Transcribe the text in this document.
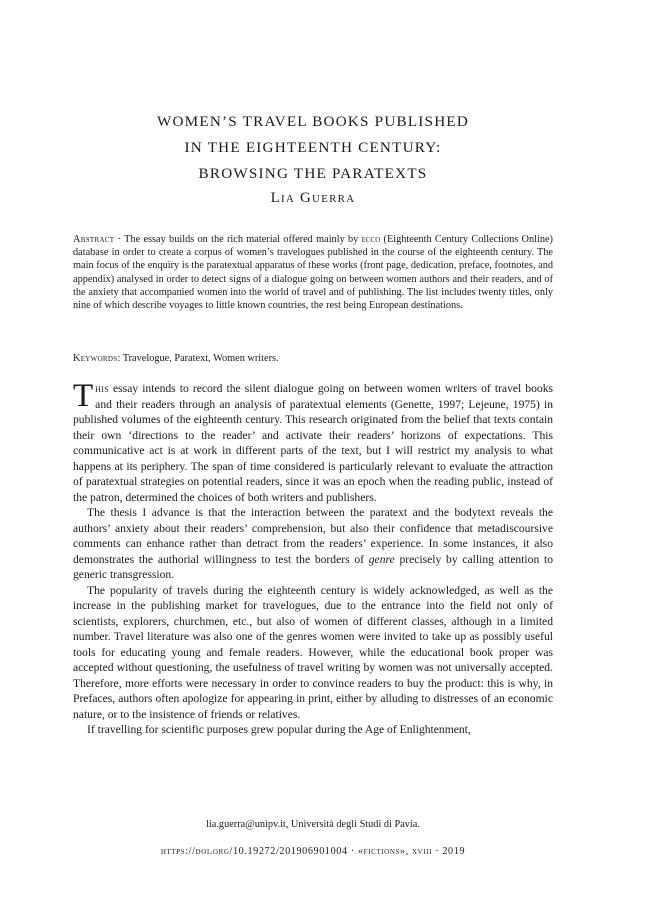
WOMEN’S TRAVEL BOOKS PUBLISHED
IN THE EIGHTEENTH CENTURY:
BROWSING THE PARATEXTS
Lia Guerra
Abstract · The essay builds on the rich material offered mainly by ecco (Eighteenth Century Collections Online) database in order to create a corpus of women’s travelogues published in the course of the eighteenth century. The main focus of the enquiry is the paratextual apparatus of these works (front page, dedication, preface, footnotes, and appendix) analysed in order to detect signs of a dialogue going on between women authors and their readers, and of the anxiety that accompanied women into the world of travel and of publishing. The list includes twenty titles, only nine of which describe voyages to little known countries, the rest being European destinations.
Keywords: Travelogue, Paratext, Women writers.

This essay intends to record the silent dialogue going on between women writers of travel books and their readers through an analysis of paratextual elements (Genette, 1997; Lejeune, 1975) in published volumes of the eighteenth century. This research originated from the belief that texts contain their own ‘directions to the reader’ and activate their readers’ horizons of expectations. This communicative act is at work in different parts of the text, but I will restrict my analysis to what happens at its periphery. The span of time considered is particularly relevant to evaluate the attraction of paratextual strategies on potential readers, since it was an epoch when the reading public, instead of the patron, determined the choices of both writers and publishers.

The thesis I advance is that the interaction between the paratext and the bodytext reveals the authors’ anxiety about their readers’ comprehension, but also their confidence that metadiscoursive comments can enhance rather than detract from the readers’ experience. In some instances, it also demonstrates the authorial willingness to test the borders of genre precisely by calling attention to generic transgression.

The popularity of travels during the eighteenth century is widely acknowledged, as well as the increase in the publishing market for travelogues, due to the entrance into the field not only of scientists, explorers, churchmen, etc., but also of women of different classes, although in a limited number. Travel literature was also one of the genres women were invited to take up as possibly useful tools for educating young and female readers. However, while the educational book proper was accepted without questioning, the usefulness of travel writing by women was not universally accepted. Therefore, more efforts were necessary in order to convince readers to buy the product: this is why, in Prefaces, authors often apologize for appearing in print, either by alluding to distresses of an economic nature, or to the insistence of friends or relatives.

If travelling for scientific purposes grew popular during the Age of Enlightenment,

lia.guerra@unipv.it, Università degli Studi di Pavia.
https://doi.org/10.19272/201906901004 · «fictions», xviii · 2019
